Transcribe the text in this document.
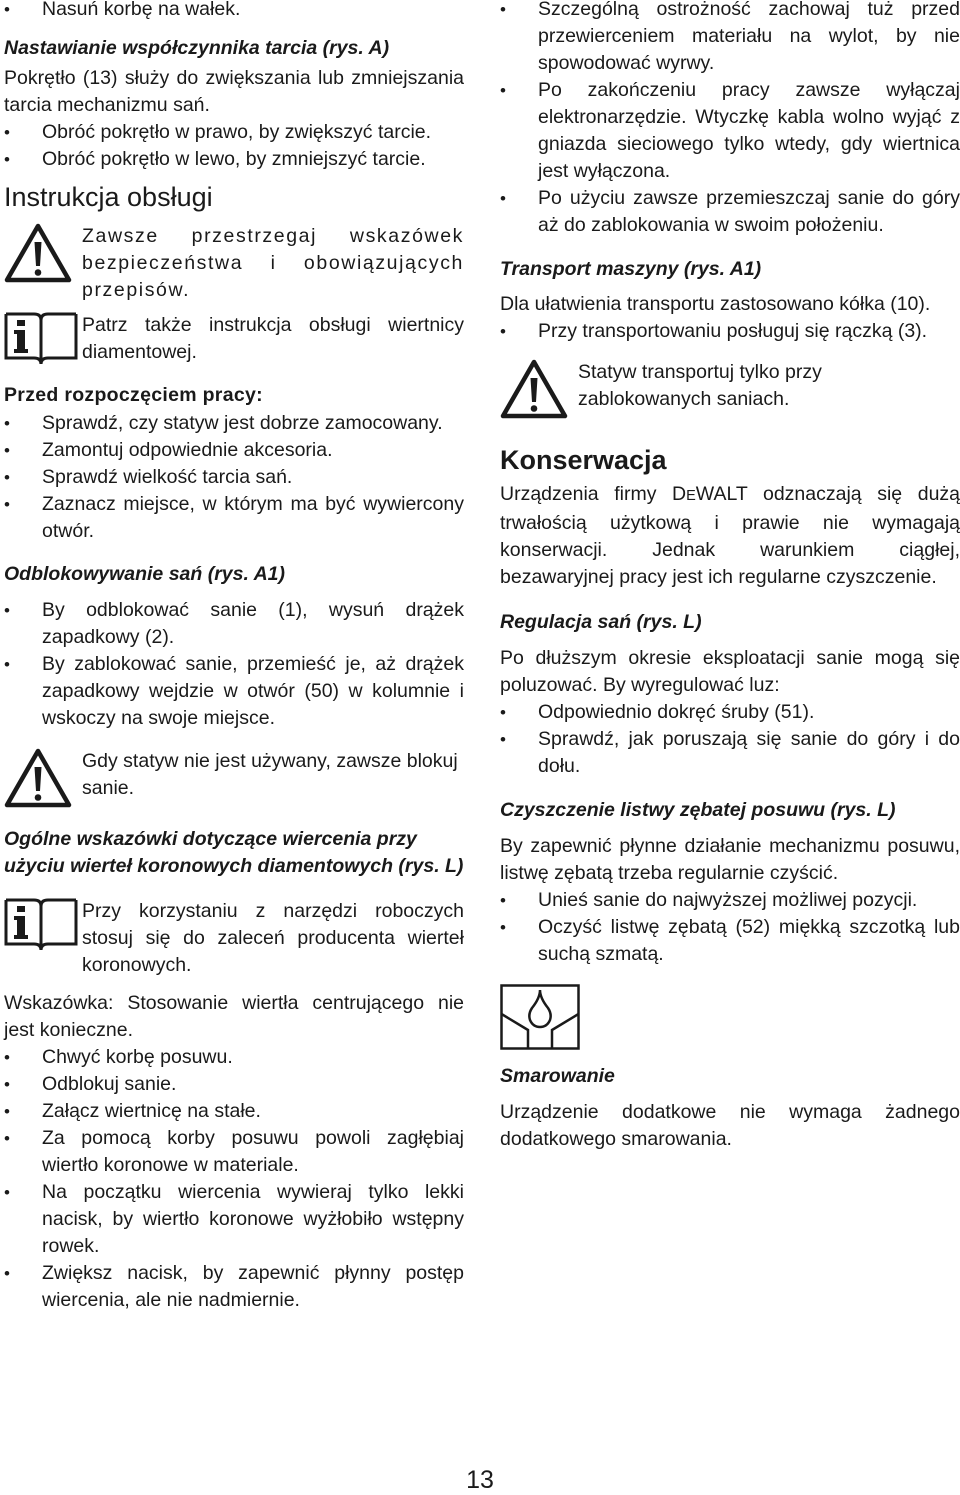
• Nasuń korbę na wałek.

Nastawianie współczynnika tarcia (rys. A)

Pokrętło (13) służy do zwiększania lub zmniejszania tarcia mechanizmu sań.

• Obróć pokrętło w prawo, by zwiększyć tarcie.
• Obróć pokrętło w lewo, by zmniejszyć tarcie.
Instrukcja obsługi
Zawsze przestrzegaj wskazówek bezpieczeństwa i obowiązujących przepisów.
Patrz także instrukcja obsługi wiertnicy diamentowej.

Przed rozpoczęciem pracy:

• Sprawdź, czy statyw jest dobrze zamocowany.
• Zamontuj odpowiednie akcesoria.
• Sprawdź wielkość tarcia sań.
• Zaznacz miejsce, w którym ma być wywiercony otwór.

Odblokowywanie sań (rys. A1)

• By odblokować sanie (1), wysuń drążek zapadkowy (2).
• By zablokować sanie, przemieść je, aż drążek zapadkowy wejdzie w otwór (50) w kolumnie i wskoczy na swoje miejsce.
Gdy statyw nie jest używany, zawsze blokuj sanie.

Ogólne wskazówki dotyczące wiercenia przy użyciu wierteł koronowych diamentowych (rys. L)

Przy korzystaniu z narzędzi roboczych stosuj się do zaleceń producenta wierteł koronowych.

Wskazówka: Stosowanie wiertła centrującego nie jest konieczne.

• Chwyć korbę posuwu.
• Odblokuj sanie.
• Załącz wiertnicę na stałe.
• Za pomocą korby posuwu powoli zagłębiaj wiertło koronowe w materiale.
• Na początku wiercenia wywieraj tylko lekki nacisk, by wiertło koronowe wyżłobiło wstępny rowek.
• Zwiększ nacisk, by zapewnić płynny postęp wiercenia, ale nie nadmiernie.
• Szczególną ostrożność zachowaj tuż przed przewierceniem materiału na wylot, by nie spowodować wyrwy.
• Po zakończeniu pracy zawsze wyłączaj elektronarzędzie. Wtyczkę kabla wolno wyjąć z gniazda sieciowego tylko wtedy, gdy wiertnica jest wyłączona.
• Po użyciu zawsze przemieszczaj sanie do góry aż do zablokowania w swoim położeniu.

Transport maszyny (rys. A1)

Dla ułatwienia transportu zastosowano kółka (10).

• Przy transportowaniu posługuj się rączką (3).
Statyw transportuj tylko przy zablokowanych saniach.
Konserwacja

Urządzenia firmy DEWALT odznaczają się dużą trwałością użytkową i prawie nie wymagają konserwacji. Jednak warunkiem ciągłej, bezawaryjnej pracy jest ich regularne czyszczenie.

Regulacja sań (rys. L)

Po dłuższym okresie eksploatacji sanie mogą się poluzować. By wyregulować luz:

• Odpowiednio dokręć śruby (51).
• Sprawdź, jak poruszają się sanie do góry i do dołu.

Czyszczenie listwy zębatej posuwu (rys. L)

By zapewnić płynne działanie mechanizmu posuwu, listwę zębatą trzeba regularnie czyścić.

• Unieś sanie do najwyższej możliwej pozycji.
• Oczyść listwę zębatą (52) miękką szczotką lub suchą szmatą.

Smarowanie

Urządzenie dodatkowe nie wymaga żadnego dodatkowego smarowania.

13
